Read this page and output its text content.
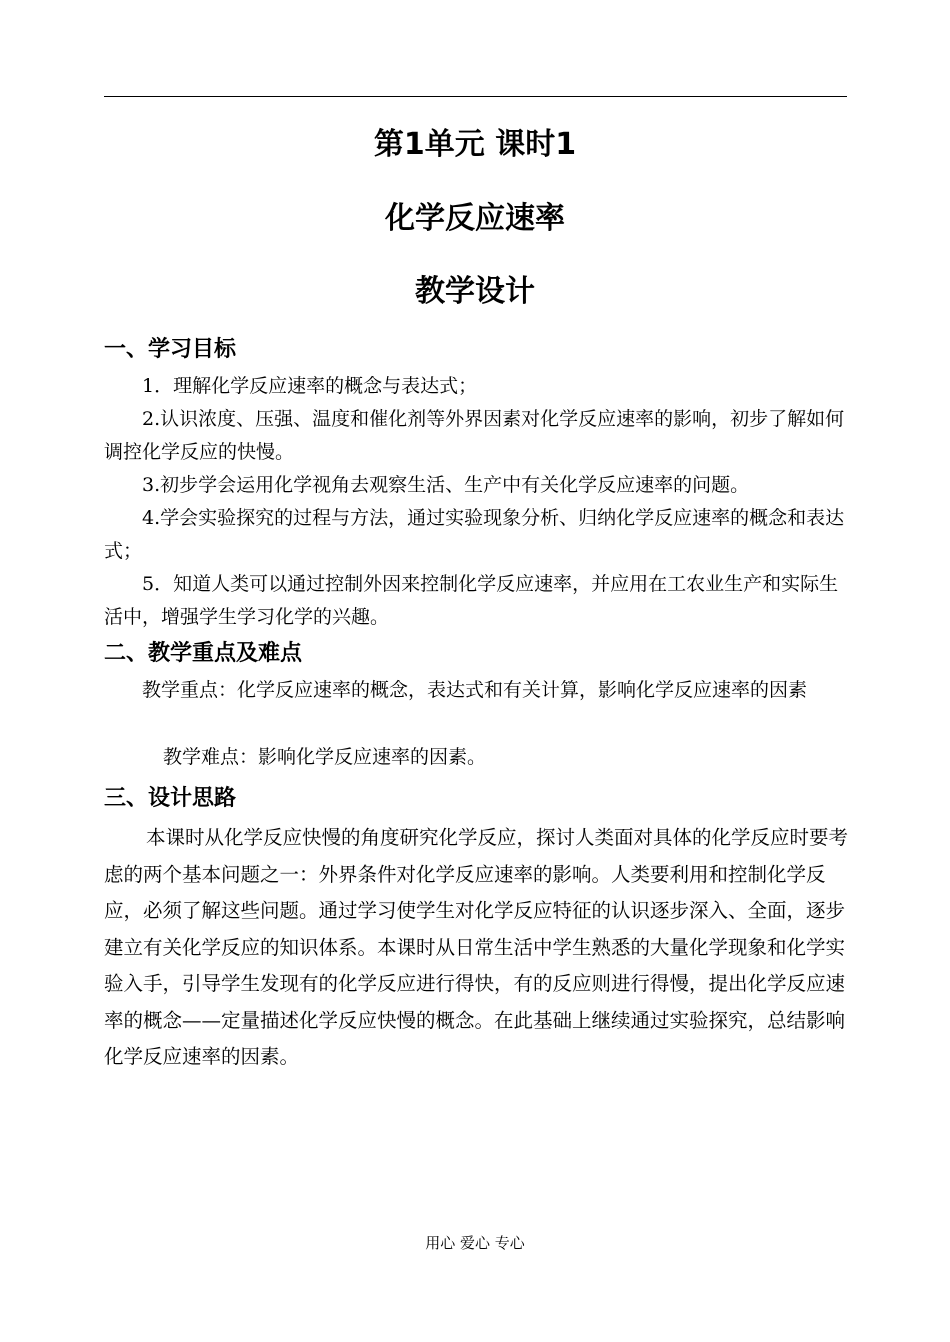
第1单元 课时1
化学反应速率
教学设计
一、学习目标

1．理解化学反应速率的概念与表达式；

2.认识浓度、压强、温度和催化剂等外界因素对化学反应速率的影响，初步了解如何调控化学反应的快慢。

3.初步学会运用化学视角去观察生活、生产中有关化学反应速率的问题。

4.学会实验探究的过程与方法，通过实验现象分析、归纳化学反应速率的概念和表达式；

5．知道人类可以通过控制外因来控制化学反应速率，并应用在工农业生产和实际生活中，增强学生学习化学的兴趣。

二、教学重点及难点

教学重点：化学反应速率的概念，表达式和有关计算，影响化学反应速率的因素

教学难点：影响化学反应速率的因素。

三、设计思路

本课时从化学反应快慢的角度研究化学反应，探讨人类面对具体的化学反应时要考虑的两个基本问题之一：外界条件对化学反应速率的影响。人类要利用和控制化学反应，必须了解这些问题。通过学习使学生对化学反应特征的认识逐步深入、全面，逐步建立有关化学反应的知识体系。本课时从日常生活中学生熟悉的大量化学现象和化学实验入手，引导学生发现有的化学反应进行得快，有的反应则进行得慢，提出化学反应速率的概念——定量描述化学反应快慢的概念。在此基础上继续通过实验探究，总结影响化学反应速率的因素。

用心 爱心 专心
